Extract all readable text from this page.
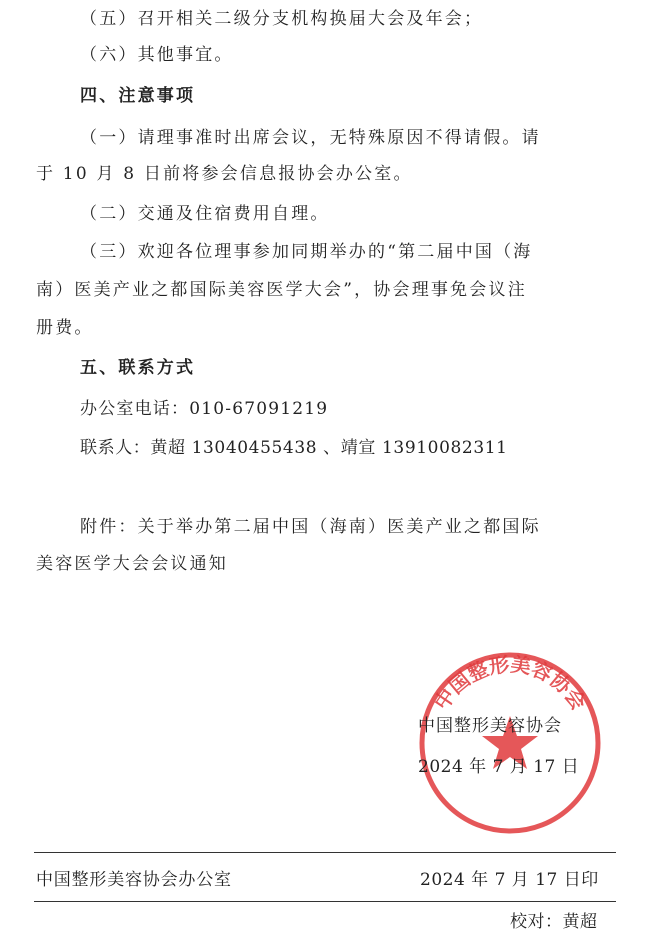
（五）召开相关二级分支机构换届大会及年会；
（六）其他事宜。
四、注意事项
（一）请理事准时出席会议，无特殊原因不得请假。请
于 10 月 8 日前将参会信息报协会办公室。
（二）交通及住宿费用自理。
（三）欢迎各位理事参加同期举办的“第二届中国（海
南）医美产业之都国际美容医学大会”，协会理事免会议注
册费。
五、联系方式
办公室电话：010-67091219
联系人：黄超 13040455438 、靖宣 13910082311
附件：关于举办第二届中国（海南）医美产业之都国际
美容医学大会会议通知
中国整形美容协会
中国整形美容协会
2024 年 7 月 17 日
中国整形美容协会办公室	2024 年 7 月 17 日印
校对：黄超
